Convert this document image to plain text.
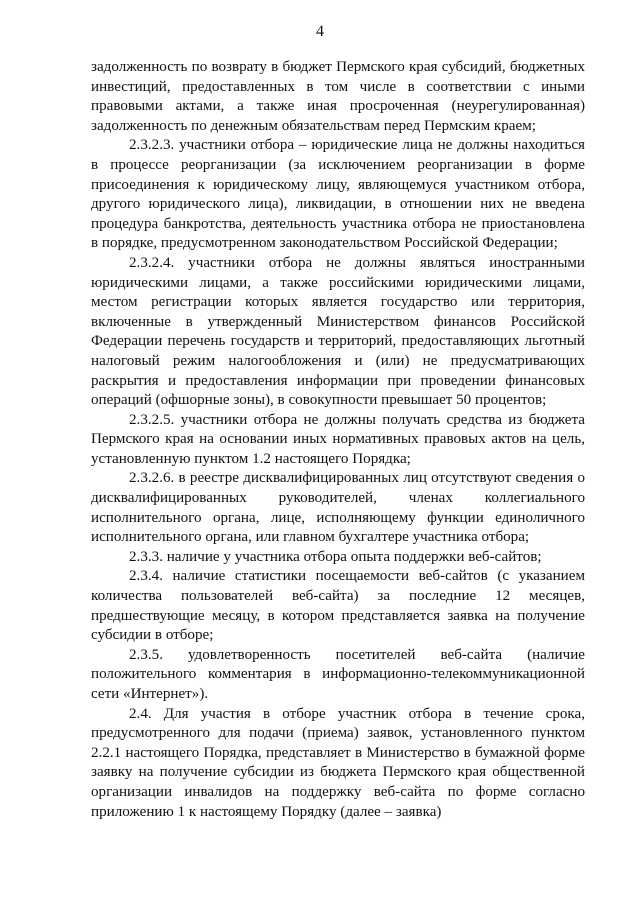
4

задолженность по возврату в бюджет Пермского края субсидий, бюджетных инвестиций, предоставленных в том числе в соответствии с иными правовыми актами, а также иная просроченная (неурегулированная) задолженность по денежным обязательствам перед Пермским краем;

2.3.2.3. участники отбора – юридические лица не должны находиться в процессе реорганизации (за исключением реорганизации в форме присоединения к юридическому лицу, являющемуся участником отбора, другого юридического лица), ликвидации, в отношении них не введена процедура банкротства, деятельность участника отбора не приостановлена в порядке, предусмотренном законодательством Российской Федерации;

2.3.2.4. участники отбора не должны являться иностранными юридическими лицами, а также российскими юридическими лицами, местом регистрации которых является государство или территория, включенные в утвержденный Министерством финансов Российской Федерации перечень государств и территорий, предоставляющих льготный налоговый режим налогообложения и (или) не предусматривающих раскрытия и предоставления информации при проведении финансовых операций (офшорные зоны), в совокупности превышает 50 процентов;

2.3.2.5. участники отбора не должны получать средства из бюджета Пермского края на основании иных нормативных правовых актов на цель, установленную пунктом 1.2 настоящего Порядка;

2.3.2.6. в реестре дисквалифицированных лиц отсутствуют сведения о дисквалифицированных руководителей, членах коллегиального исполнительного органа, лице, исполняющему функции единоличного исполнительного органа, или главном бухгалтере участника отбора;

2.3.3. наличие у участника отбора опыта поддержки веб-сайтов;

2.3.4. наличие статистики посещаемости веб-сайтов (с указанием количества пользователей веб-сайта) за последние 12 месяцев, предшествующие месяцу, в котором представляется заявка на получение субсидии в отборе;

2.3.5. удовлетворенность посетителей веб-сайта (наличие положительного комментария в информационно-телекоммуникационной сети «Интернет»).

2.4. Для участия в отборе участник отбора в течение срока, предусмотренного для подачи (приема) заявок, установленного пунктом 2.2.1 настоящего Порядка, представляет в Министерство в бумажной форме заявку на получение субсидии из бюджета Пермского края общественной организации инвалидов на поддержку веб-сайта по форме согласно приложению 1 к настоящему Порядку (далее – заявка)
